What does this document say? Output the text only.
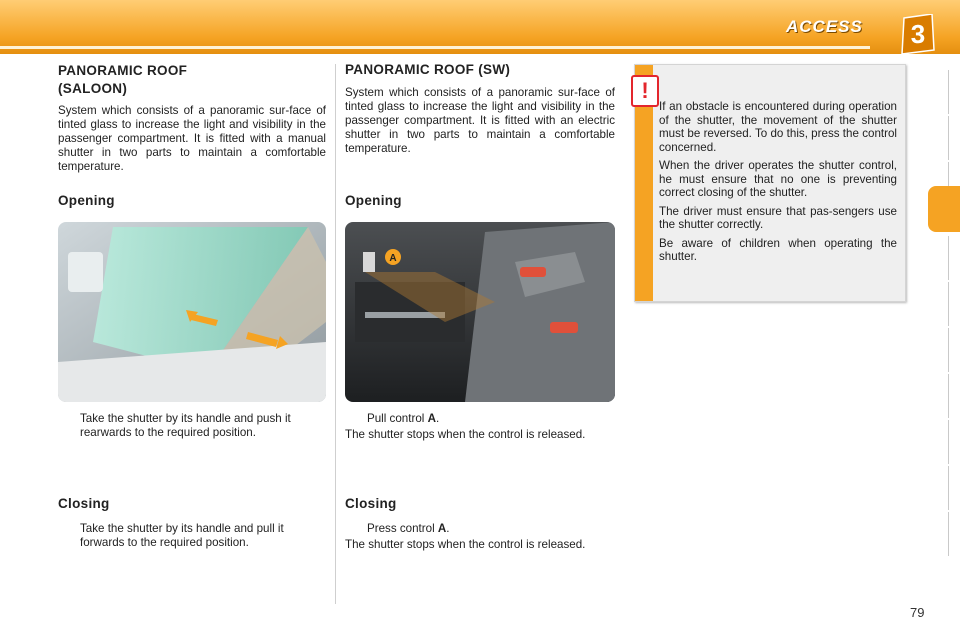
ACCESS 3
PANORAMIC ROOF
(SALOON)

System which consists of a panoramic sur-face of tinted glass to increase the light and visibility in the passenger compartment. It is fitted with a manual shutter in two parts to maintain a comfortable temperature.

Opening
Take the shutter by its handle and push it rearwards to the required position.
Closing
Take the shutter by its handle and pull it forwards to the required position.
PANORAMIC ROOF (SW)

System which consists of a panoramic sur-face of tinted glass to increase the light and visibility in the passenger compartment. It is fitted with an electric shutter in two parts to maintain a comfortable temperature.

Opening
A
Pull control A.

The shutter stops when the control is released.

Closing
Press control A.

The shutter stops when the control is released.

!

If an obstacle is encountered during operation of the shutter, the movement of the shutter must be reversed. To do this, press the control concerned.

When the driver operates the shutter control, he must ensure that no one is preventing correct closing of the shutter.

The driver must ensure that pas-sengers use the shutter correctly.

Be aware of children when operating the shutter.

79
